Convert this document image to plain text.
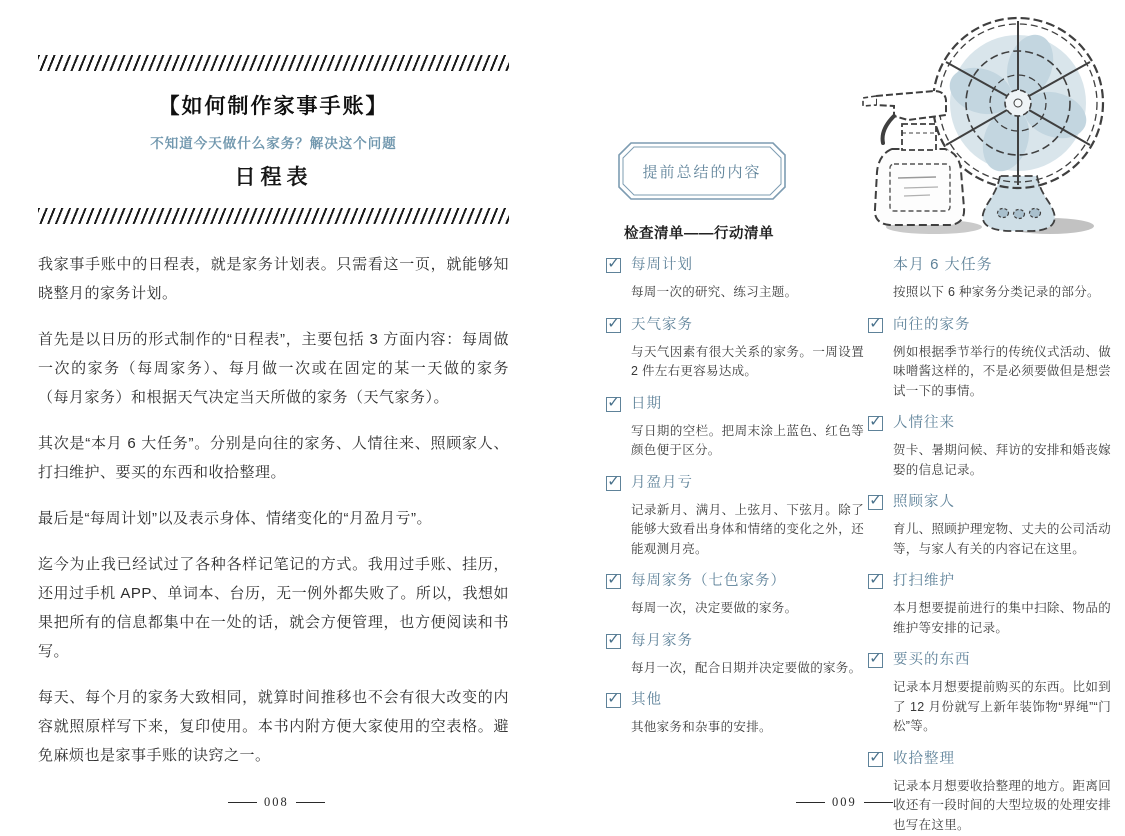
【如何制作家事手账】
不知道今天做什么家务？解决这个问题
日程表

我家事手账中的日程表，就是家务计划表。只需看这一页，就能够知晓整月的家务计划。

首先是以日历的形式制作的“日程表”，主要包括 3 方面内容：每周做一次的家务（每周家务）、每月做一次或在固定的某一天做的家务（每月家务）和根据天气决定当天所做的家务（天气家务）。

其次是“本月 6 大任务”。分别是向往的家务、人情往来、照顾家人、打扫维护、要买的东西和收拾整理。

最后是“每周计划”以及表示身体、情绪变化的“月盈月亏”。

迄今为止我已经试过了各种各样记笔记的方式。我用过手账、挂历，还用过手机 APP、单词本、台历，无一例外都失败了。所以，我想如果把所有的信息都集中在一处的话，就会方便管理，也方便阅读和书写。

每天、每个月的家务大致相同，就算时间推移也不会有很大改变的内容就照原样写下来，复印使用。本书内附方便大家使用的空表格。避免麻烦也是家事手账的诀窍之一。

008
提前总结的内容
检查清单——行动清单
✓ 每周计划

每周一次的研究、练习主题。

✓ 天气家务

与天气因素有很大关系的家务。一周设置 2 件左右更容易达成。

✓ 日期

写日期的空栏。把周末涂上蓝色、红色等颜色便于区分。

✓ 月盈月亏

记录新月、满月、上弦月、下弦月。除了能够大致看出身体和情绪的变化之外，还能观测月亮。

✓ 每周家务（七色家务）

每周一次，决定要做的家务。

✓ 每月家务

每月一次，配合日期并决定要做的家务。

✓ 其他

其他家务和杂事的安排。

本月 6 大任务

按照以下 6 种家务分类记录的部分。

✓ 向往的家务

例如根据季节举行的传统仪式活动、做味噌酱这样的，不是必须要做但是想尝试一下的事情。

✓ 人情往来

贺卡、暑期问候、拜访的安排和婚丧嫁娶的信息记录。

✓ 照顾家人

育儿、照顾护理宠物、丈夫的公司活动等，与家人有关的内容记在这里。

✓ 打扫维护

本月想要提前进行的集中扫除、物品的维护等安排的记录。

✓ 要买的东西

记录本月想要提前购买的东西。比如到了 12 月份就写上新年装饰物“界绳”“门松”等。

✓ 收拾整理

记录本月想要收拾整理的地方。距离回收还有一段时间的大型垃圾的处理安排也写在这里。

009
